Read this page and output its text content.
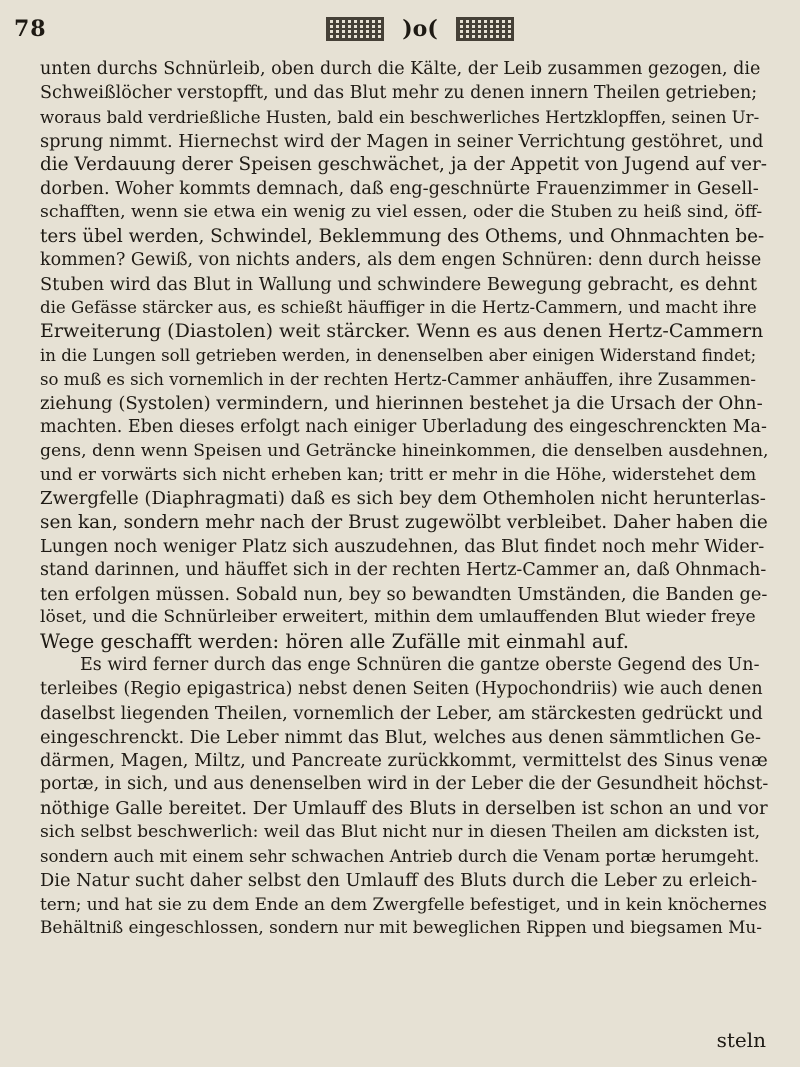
78	)o(
unten durchs Schnürleib, oben durch die Kälte, der Leib zusammen gezogen, die
Schweißlöcher verstopfft, und das Blut mehr zu denen innern Theilen getrieben;
woraus bald verdrießliche Husten, bald ein beschwerliches Hertzklopffen, seinen Ur-
sprung nimmt. Hiernechst wird der Magen in seiner Verrichtung gestöhret, und
die Verdauung derer Speisen geschwächet, ja der Appetit von Jugend auf ver-
dorben. Woher kommts demnach, daß eng-geschnürte Frauenzimmer in Gesell-
schafften, wenn sie etwa ein wenig zu viel essen, oder die Stuben zu heiß sind, öff-
ters übel werden, Schwindel, Beklemmung des Othems, und Ohnmachten be-
kommen? Gewiß, von nichts anders, als dem engen Schnüren: denn durch heisse
Stuben wird das Blut in Wallung und schwindere Bewegung gebracht, es dehnt
die Gefässe stärcker aus, es schießt häuffiger in die Hertz-Cammern, und macht ihre
Erweiterung (Diastolen) weit stärcker. Wenn es aus denen Hertz-Cammern
in die Lungen soll getrieben werden, in denenselben aber einigen Widerstand findet;
so muß es sich vornemlich in der rechten Hertz-Cammer anhäuffen, ihre Zusammen-
ziehung (Systolen) vermindern, und hierinnen bestehet ja die Ursach der Ohn-
machten. Eben dieses erfolgt nach einiger Uberladung des eingeschrenckten Ma-
gens, denn wenn Speisen und Geträncke hineinkommen, die denselben ausdehnen,
und er vorwärts sich nicht erheben kan; tritt er mehr in die Höhe, widerstehet dem
Zwergfelle (Diaphragmati) daß es sich bey dem Othemholen nicht herunterlas-
sen kan, sondern mehr nach der Brust zugewölbt verbleibet. Daher haben die
Lungen noch weniger Platz sich auszudehnen, das Blut findet noch mehr Wider-
stand darinnen, und häuffet sich in der rechten Hertz-Cammer an, daß Ohnmach-
ten erfolgen müssen. Sobald nun, bey so bewandten Umständen, die Banden ge-
löset, und die Schnürleiber erweitert, mithin dem umlauffenden Blut wieder freye
Wege geschafft werden: hören alle Zufälle mit einmahl auf.
Es wird ferner durch das enge Schnüren die gantze oberste Gegend des Un-
terleibes (Regio epigastrica) nebst denen Seiten (Hypochondriis) wie auch denen
daselbst liegenden Theilen, vornemlich der Leber, am stärckesten gedrückt und
eingeschrenckt. Die Leber nimmt das Blut, welches aus denen sämmtlichen Ge-
därmen, Magen, Miltz, und Pancreate zurückkommt, vermittelst des Sinus venæ
portæ, in sich, und aus denenselben wird in der Leber die der Gesundheit höchst-
nöthige Galle bereitet. Der Umlauff des Bluts in derselben ist schon an und vor
sich selbst beschwerlich: weil das Blut nicht nur in diesen Theilen am dicksten ist,
sondern auch mit einem sehr schwachen Antrieb durch die Venam portæ herumgeht.
Die Natur sucht daher selbst den Umlauff des Bluts durch die Leber zu erleich-
tern; und hat sie zu dem Ende an dem Zwergfelle befestiget, und in kein knöchernes
Behältniß eingeschlossen, sondern nur mit beweglichen Rippen und biegsamen Mu-
steln
